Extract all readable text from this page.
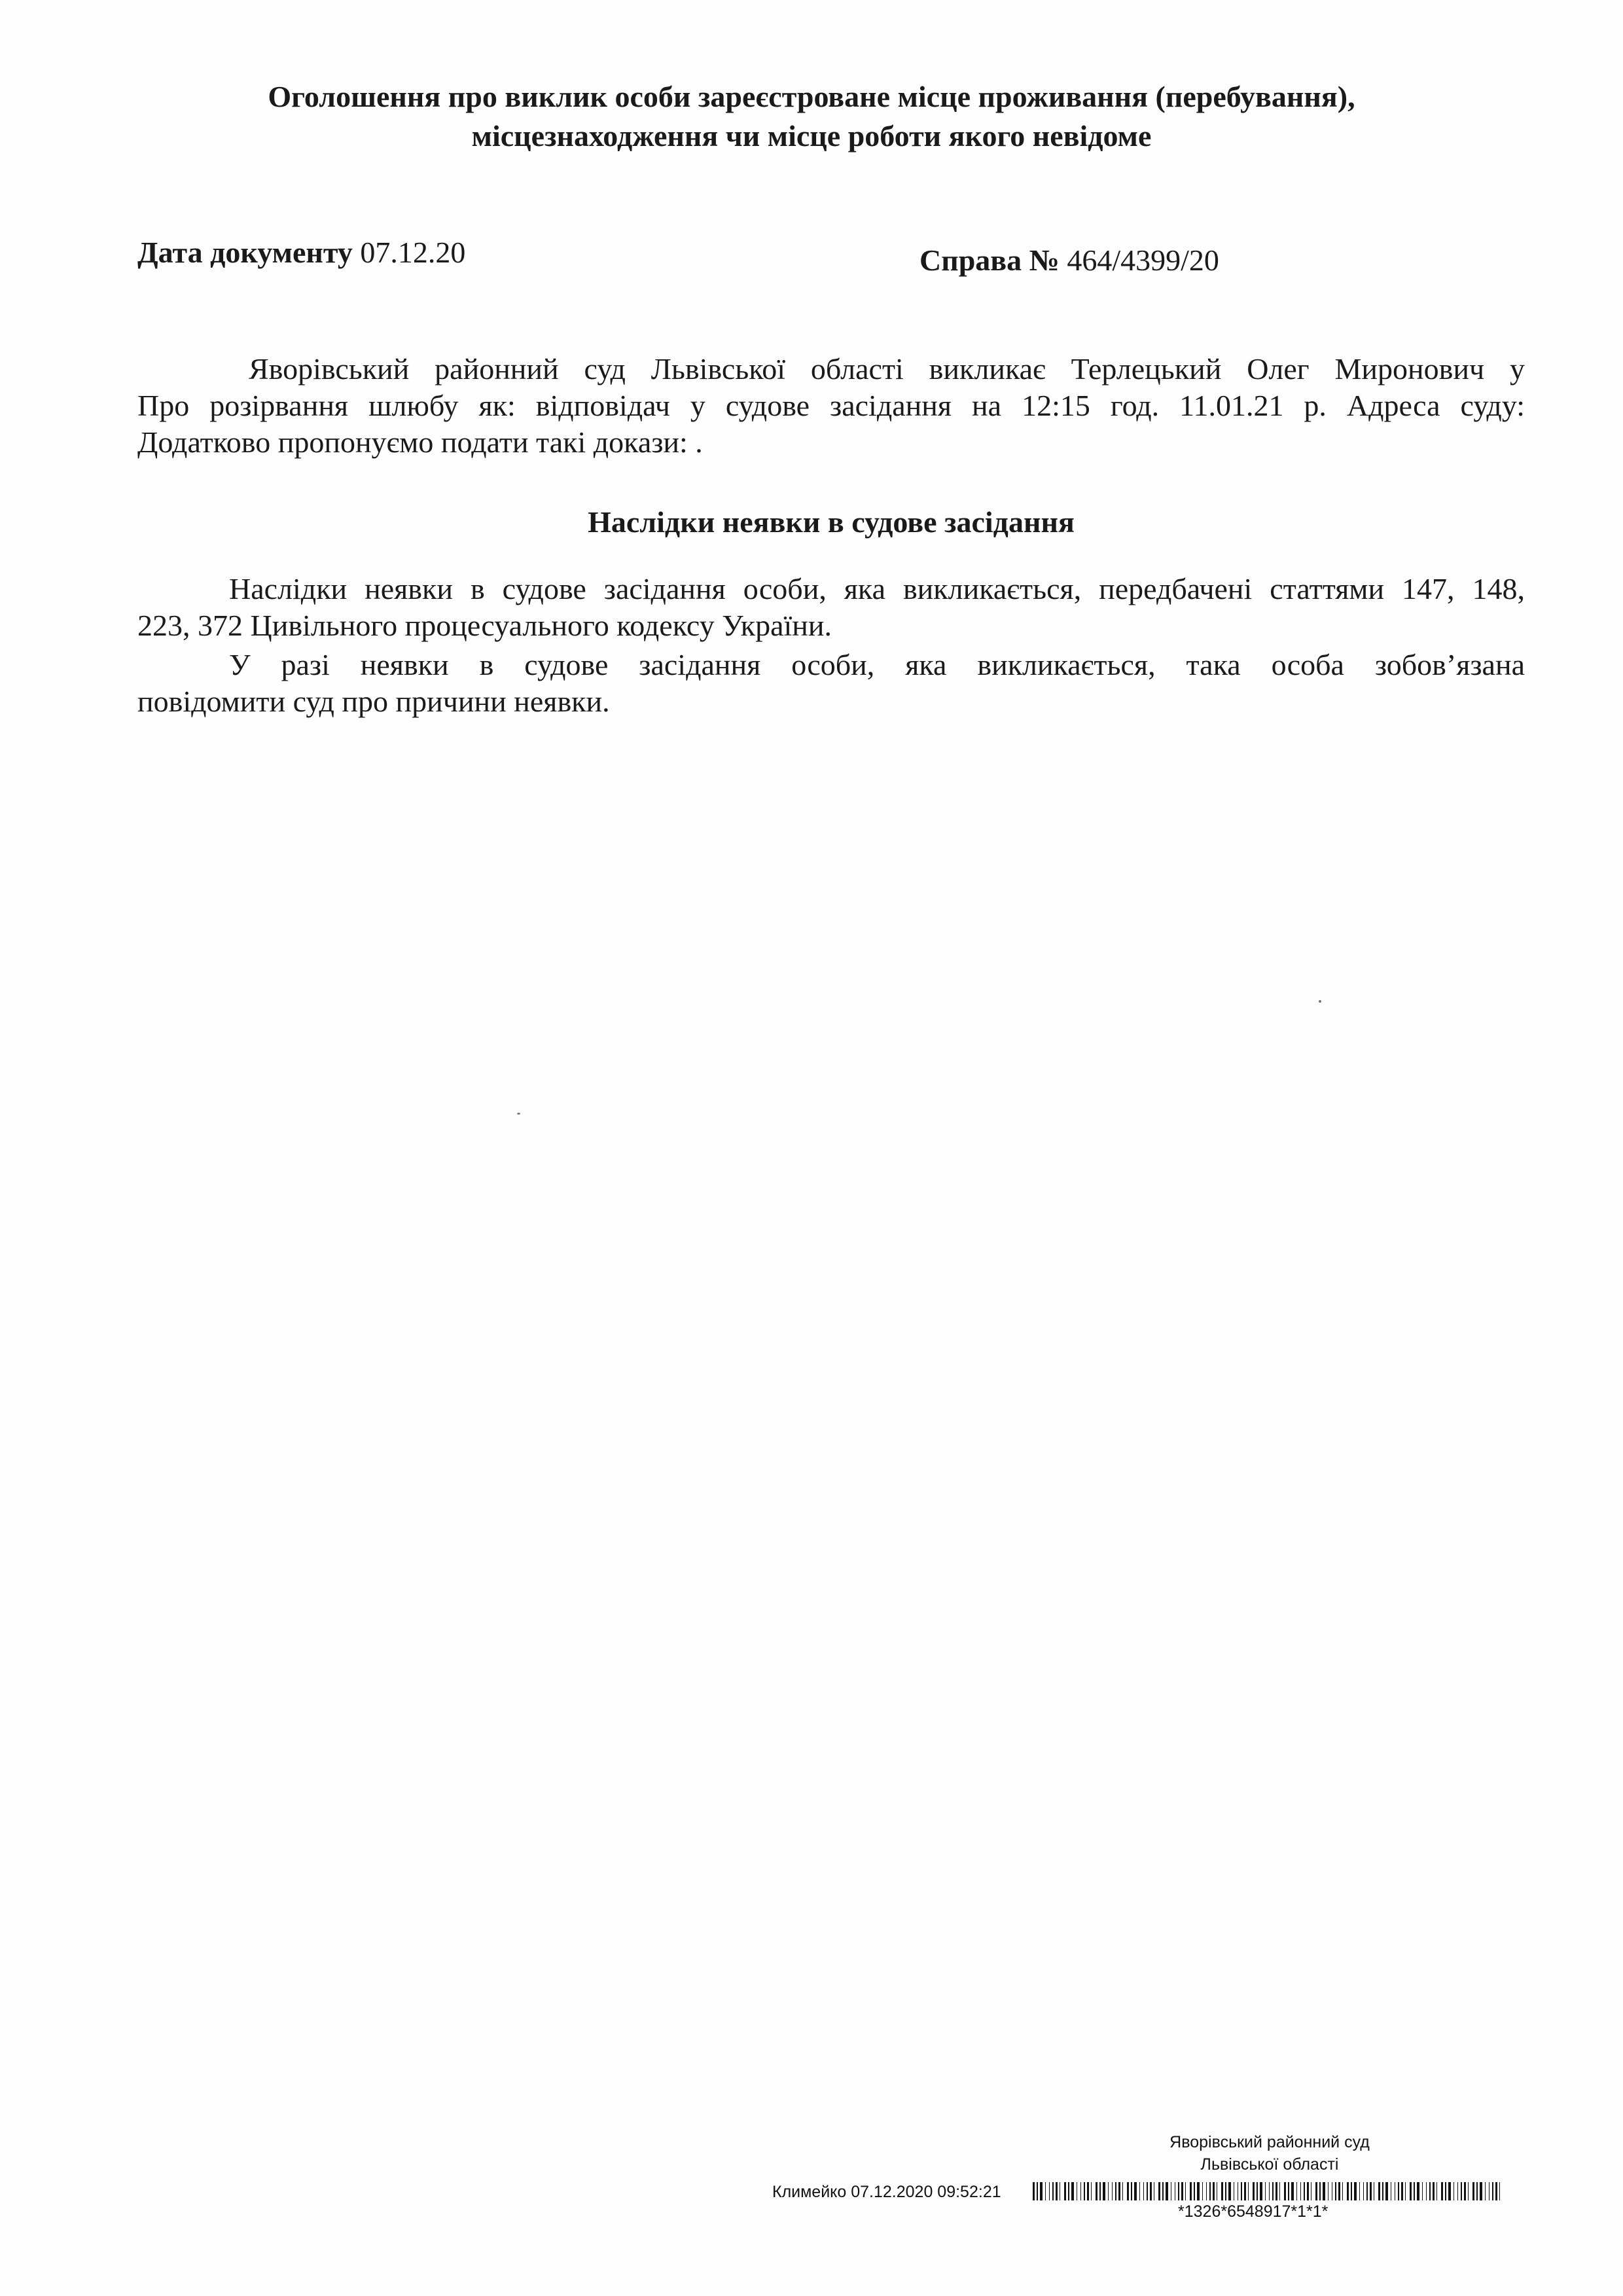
Оголошення про виклик особи зареєстроване місце проживання (перебування),
місцезнаходження чи місце роботи якого невідоме
Дата документу 07.12.20	Справа № 464/4399/20
Яворівський районний суд Львівської області викликає Терлецький Олег Миронович у
Про розірвання шлюбу як: відповідач у судове засідання на 12:15 год. 11.01.21 р. Адреса суду:
Додатково пропонуємо подати такі докази: .
Наслідки неявки в судове засідання
Наслідки неявки в судове засідання особи, яка викликається, передбачені статтями 147, 148,
223, 372 Цивільного процесуального кодексу України.
У разі неявки в судове засідання особи, яка викликається, така особа зобов’язана
повідомити суд про причини неявки.
Яворівський районний суд
Львівської області
Климейко 07.12.2020 09:52:21
*1326*6548917*1*1*
